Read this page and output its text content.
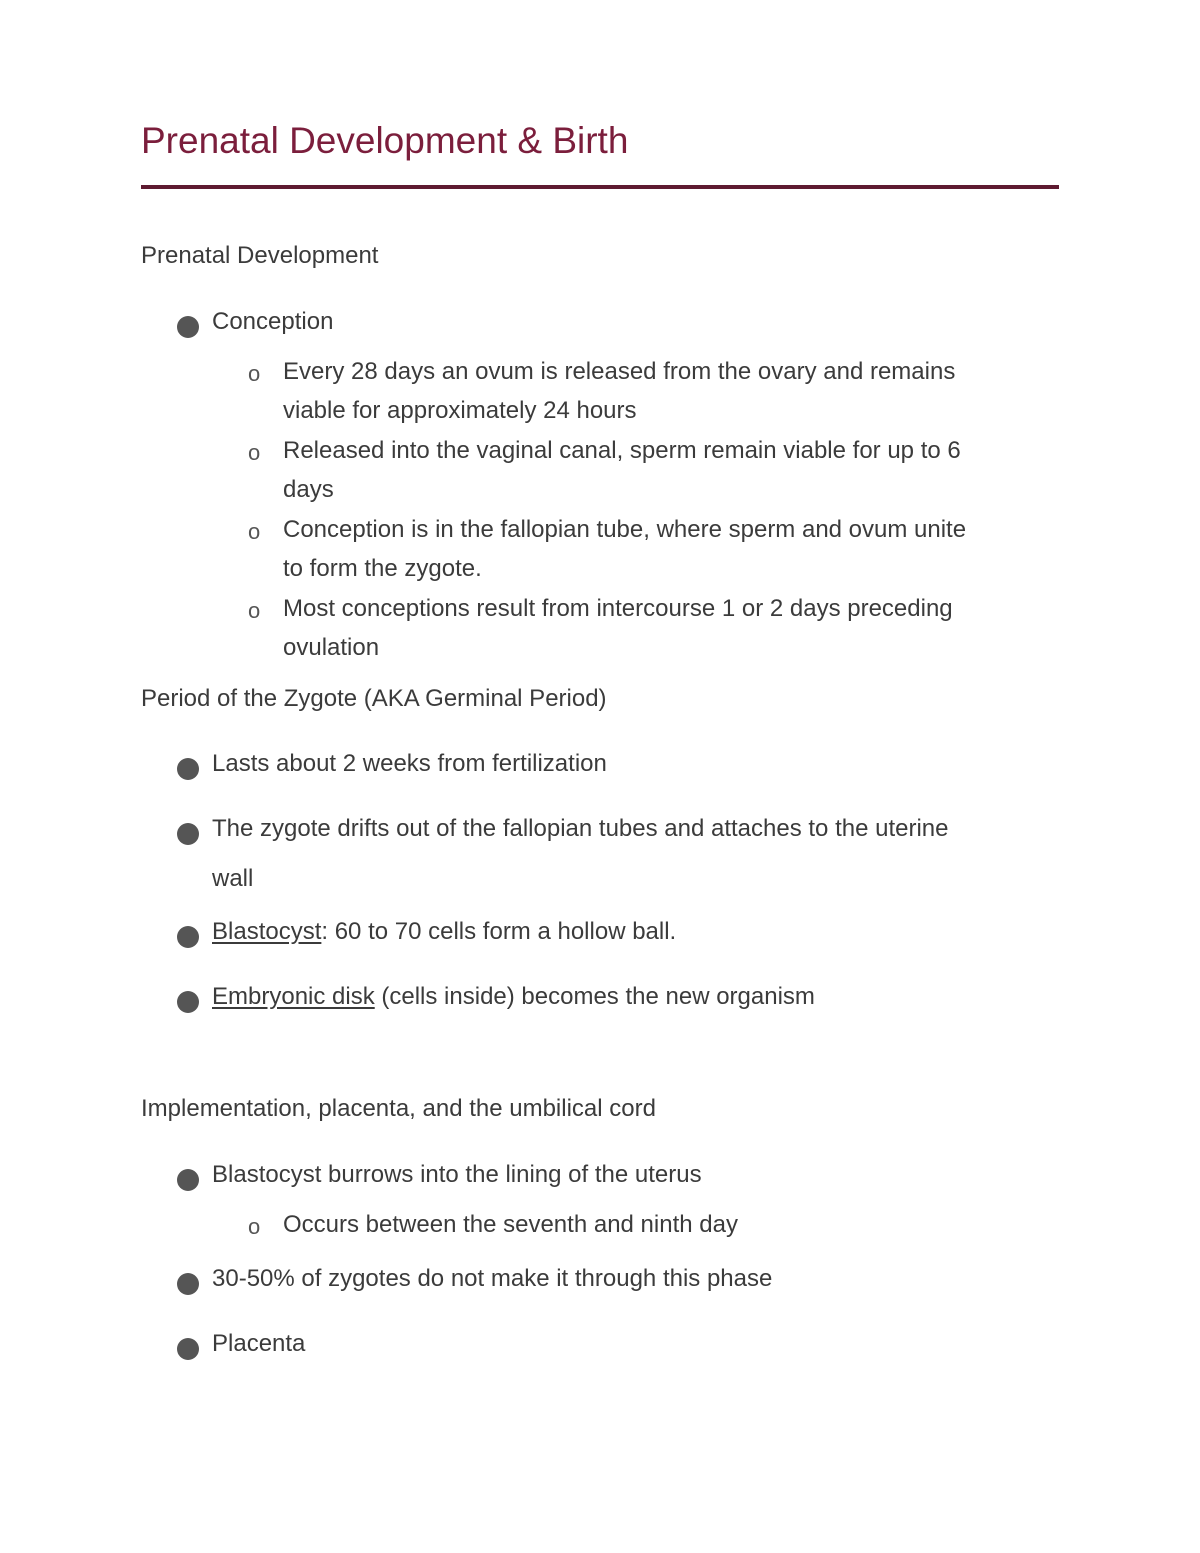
Prenatal Development & Birth
Prenatal Development
Conception
o Every 28 days an ovum is released from the ovary and remains
viable for approximately 24 hours
o Released into the vaginal canal, sperm remain viable for up to 6
days
o Conception is in the fallopian tube, where sperm and ovum unite
to form the zygote.
o Most conceptions result from intercourse 1 or 2 days preceding
ovulation
Period of the Zygote (AKA Germinal Period)
Lasts about 2 weeks from fertilization
The zygote drifts out of the fallopian tubes and attaches to the uterine
wall
Blastocyst: 60 to 70 cells form a hollow ball.
Embryonic disk (cells inside) becomes the new organism
Implementation, placenta, and the umbilical cord
Blastocyst burrows into the lining of the uterus
o Occurs between the seventh and ninth day
30-50% of zygotes do not make it through this phase
Placenta
